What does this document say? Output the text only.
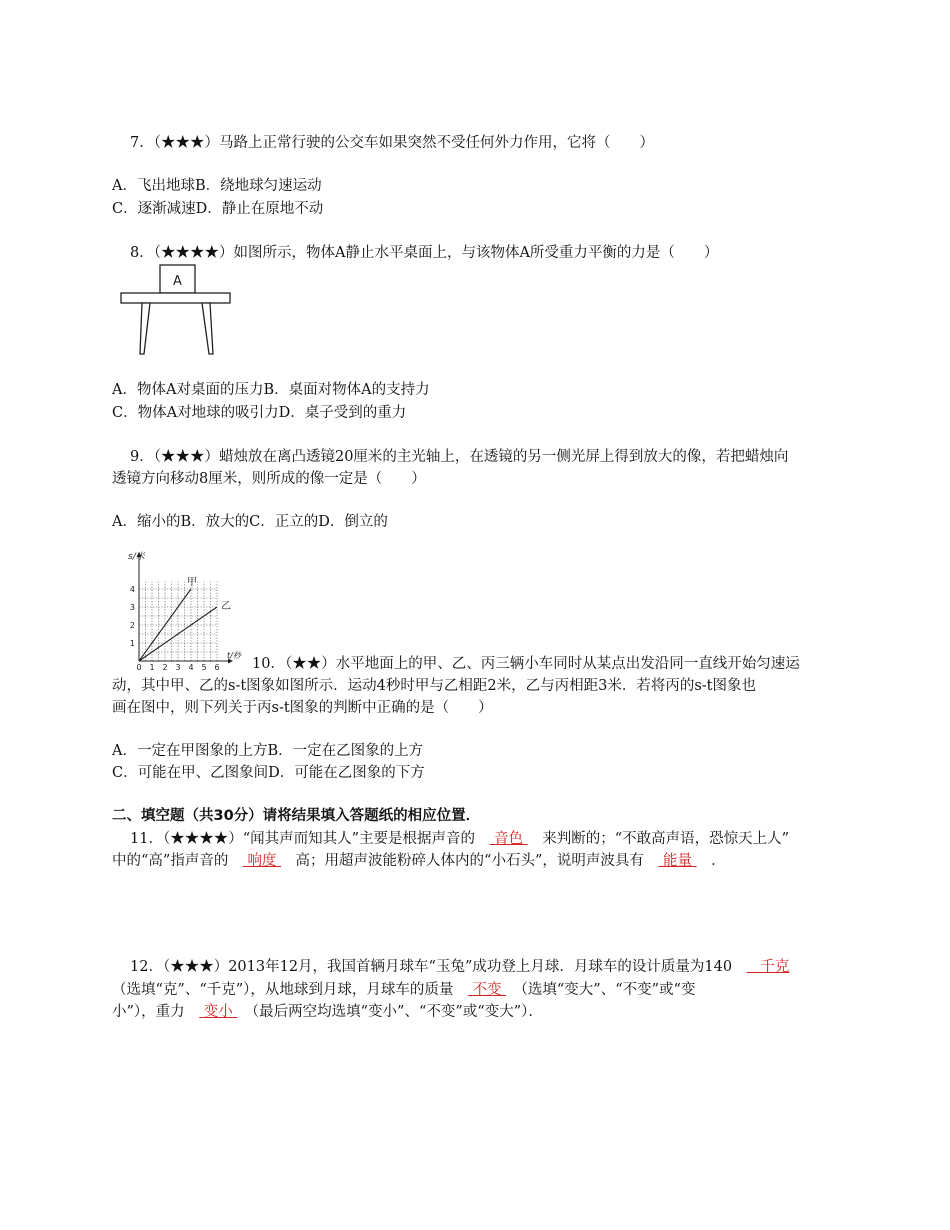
7．（★★★）马路上正常行驶的公交车如果突然不受任何外力作用，它将（　　）
A．飞出地球B．绕地球匀速运动
C．逐渐减速D．静止在原地不动
8．（★★★★）如图所示，物体A静止水平桌面上，与该物体A所受重力平衡的力是（　　）
A
A．物体A对桌面的压力B．桌面对物体A的支持力
C．物体A对地球的吸引力D．桌子受到的重力
9．（★★★）蜡烛放在离凸透镜20厘米的主光轴上，在透镜的另一侧光屏上得到放大的像，若把蜡烛向
透镜方向移动8厘米，则所成的像一定是（　　）
A．缩小的B．放大的C．正立的D．倒立的
s/米
t/秒
0 1 2 3 4 5 6
1
2
3
4
甲
乙
10．（★★）水平地面上的甲、乙、丙三辆小车同时从某点出发沿同一直线开始匀速运
动，其中甲、乙的s-t图象如图所示．运动4秒时甲与乙相距2米，乙与丙相距3米．若将丙的s-t图象也
画在图中，则下列关于丙s-t图象的判断中正确的是（　　）
A．一定在甲图象的上方B．一定在乙图象的上方
C．可能在甲、乙图象间D．可能在乙图象的下方
二、填空题（共30分）请将结果填入答题纸的相应位置．
11．（★★★★）“闻其声而知其人”主要是根据声音的　 音色 　 来判断的；“不敢高声语，恐惊天上人”
中的“高”指声音的　 响度 　 高；用超声波能粉碎人体内的“小石头”，说明声波具有　 能量 　 ．
12．（★★★）2013年12月，我国首辆月球车“玉兔”成功登上月球．月球车的设计质量为140　 千克
（选填“克”、“千克”），从地球到月球，月球车的质量　 不变 　 （选填“变大”、“不变”或“变
小”），重力　 变小 　 （最后两空均选填“变小”、“不变”或“变大”）．
